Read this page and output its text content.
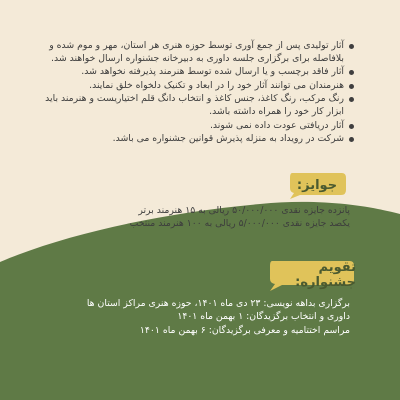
آثار تولیدی پس از جمع آوری توسط حوزه هنری هر استان، مهر و موم شده و بلافاصله برای برگزاری جلسه داوری به دبیرخانه جشنواره ارسال خواهند شد.
آثار فاقد برچسب و یا ارسال شده توسط هنرمند پذیرفته نخواهد شد.
هنرمندان می توانند آثار خود را در ابعاد و تکنیک دلخواه خلق نمایند.
رنگ مرکب، رنگ کاغذ، جنس کاغذ و انتخاب دانگ قلم اختیاریست و هنرمند باید ابزار کار خود را همراه داشته باشد.
آثار دریافتی عودت داده نمی شوند.
شرکت در رویداد به منزله پذیرش قوانین جشنواره می باشد.
جوایز:
پانزده جایزه نقدی ۵۰/۰۰۰/۰۰۰ ریالی به ۱۵ هنرمند برتر
یکصد جایزه نقدی ۵/۰۰۰/۰۰۰ ریالی به ۱۰۰ هنرمند منتخب
تقویم جشنواره:
برگزاری بداهه نویسی: ۲۳ دی ماه ۱۴۰۱، حوزه هنری مراکز استان ها
داوری و انتخاب برگزیدگان: ۱ بهمن ماه ۱۴۰۱
مراسم اختتامیه و معرفی برگزیدگان: ۶ بهمن ماه ۱۴۰۱
